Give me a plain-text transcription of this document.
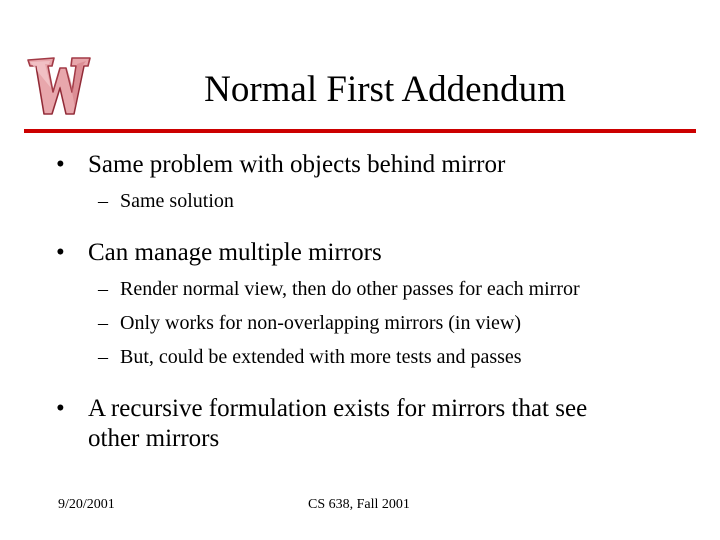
Normal First Addendum
• Same problem with objects behind mirror
– Same solution
• Can manage multiple mirrors
– Render normal view, then do other passes for each mirror
– Only works for non-overlapping mirrors (in view)
– But, could be extended with more tests and passes
• A recursive formulation exists for mirrors that see
other mirrors
9/20/2001	CS 638, Fall 2001
